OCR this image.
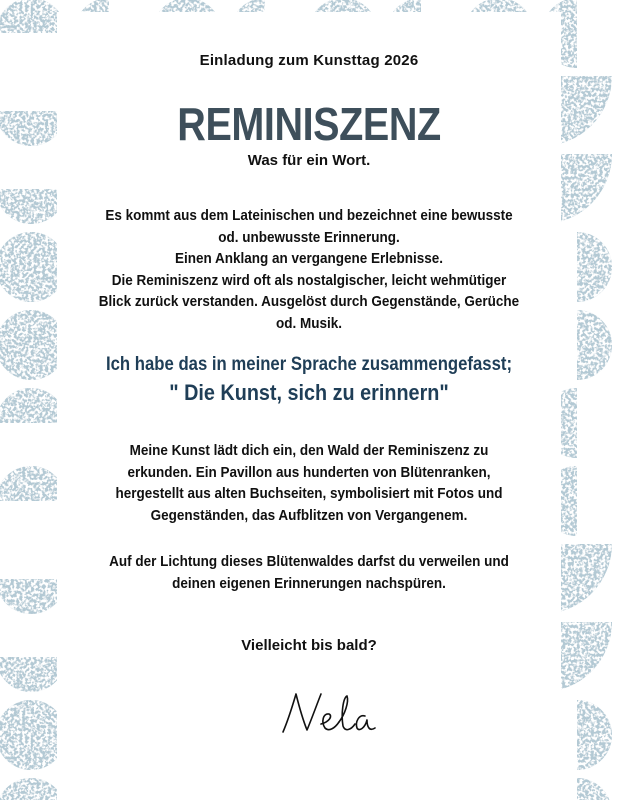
Einladung zum Kunsttag 2026
REMINISZENZ
Was für ein Wort.
Es kommt aus dem Lateinischen und bezeichnet eine bewusste
od. unbewusste Erinnerung.
Einen Anklang an vergangene Erlebnisse.
Die Reminiszenz wird oft als nostalgischer, leicht wehmütiger
Blick zurück verstanden. Ausgelöst durch Gegenstände, Gerüche
od. Musik.
Ich habe das in meiner Sprache zusammengefasst;
" Die Kunst, sich zu erinnern"
Meine Kunst lädt dich ein, den Wald der Reminiszenz zu
erkunden. Ein Pavillon aus hunderten von Blütenranken,
hergestellt aus alten Buchseiten, symbolisiert mit Fotos und
Gegenständen, das Aufblitzen von Vergangenem.
Auf der Lichtung dieses Blütenwaldes darfst du verweilen und
deinen eigenen Erinnerungen nachspüren.
Vielleicht bis bald?
